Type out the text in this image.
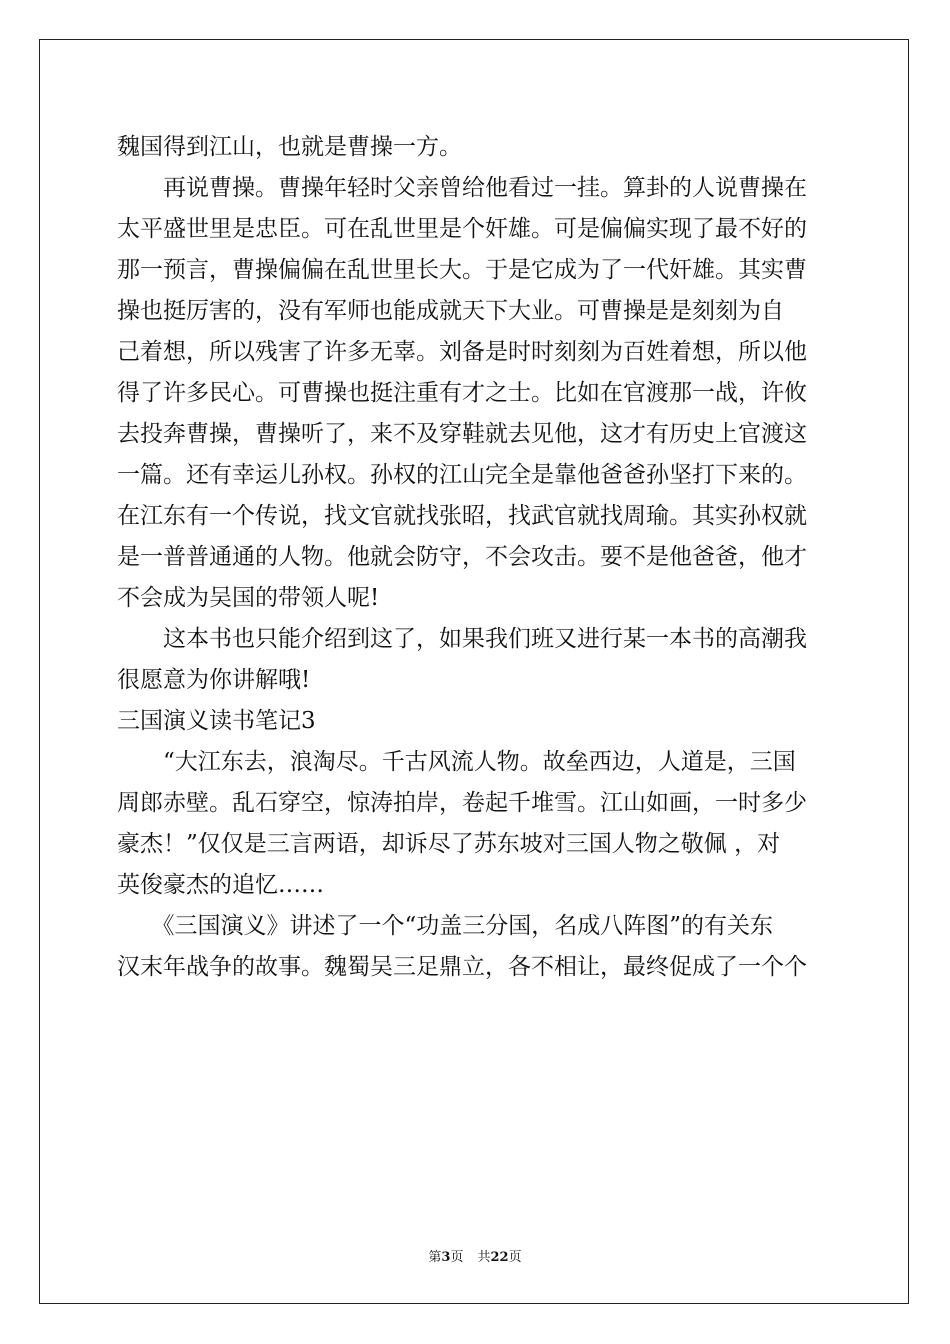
魏国得到江山，也就是曹操一方。
　　再说曹操。曹操年轻时父亲曾给他看过一挂。算卦的人说曹操在
太平盛世里是忠臣。可在乱世里是个奸雄。可是偏偏实现了最不好的
那一预言，曹操偏偏在乱世里长大。于是它成为了一代奸雄。其实曹
操也挺厉害的，没有军师也能成就天下大业。可曹操是是刻刻为自
己着想，所以残害了许多无辜。刘备是时时刻刻为百姓着想，所以他
得了许多民心。可曹操也挺注重有才之士。比如在官渡那一战，许攸
去投奔曹操，曹操听了，来不及穿鞋就去见他，这才有历史上官渡这
一篇。还有幸运儿孙权。孙权的江山完全是靠他爸爸孙坚打下来的。
在江东有一个传说，找文官就找张昭，找武官就找周瑜。其实孙权就
是一普普通通的人物。他就会防守，不会攻击。要不是他爸爸，他才
不会成为吴国的带领人呢!
　　这本书也只能介绍到这了，如果我们班又进行某一本书的高潮我
很愿意为你讲解哦!
三国演义读书笔记3
　　“大江东去，浪淘尽。千古风流人物。故垒西边，人道是，三国
周郎赤壁。乱石穿空，惊涛拍岸，卷起千堆雪。江山如画，一时多少
豪杰！”仅仅是三言两语，却诉尽了苏东坡对三国人物之敬佩 ，对
英俊豪杰的追忆……
　　《三国演义》讲述了一个“功盖三分国，名成八阵图”的有关东
汉末年战争的故事。魏蜀吴三足鼎立，各不相让，最终促成了一个个
第3页 共22页
